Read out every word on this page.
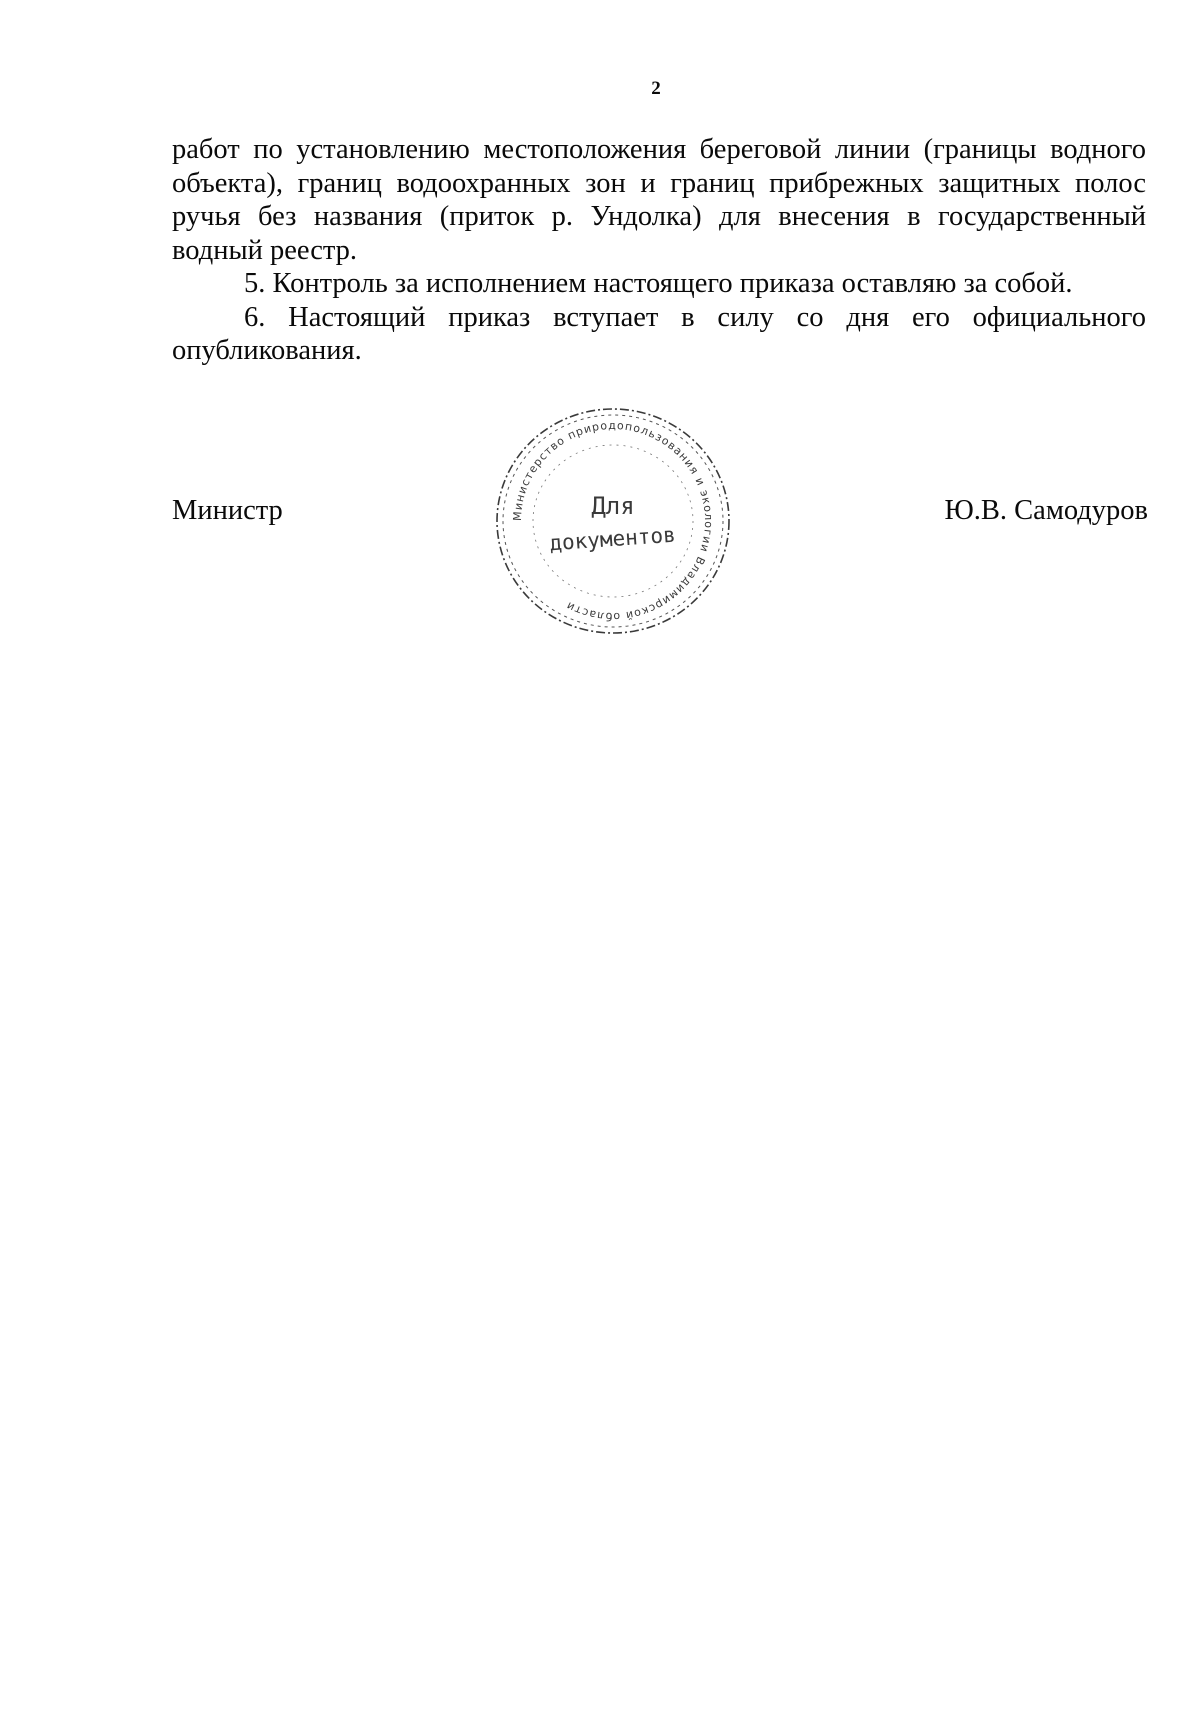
2

работ по установлению местоположения береговой линии (границы водного объекта), границ водоохранных зон и границ прибрежных защитных полос ручья без названия (приток р. Ундолка) для внесения в государственный водный реестр.

5. Контроль за исполнением настоящего приказа оставляю за собой.

6. Настоящий приказ вступает в силу со дня его официального опубликования.

Министр	Министерство природопользования и экологии Владимирской области
Для
документов
Ю.В. Самодуров
